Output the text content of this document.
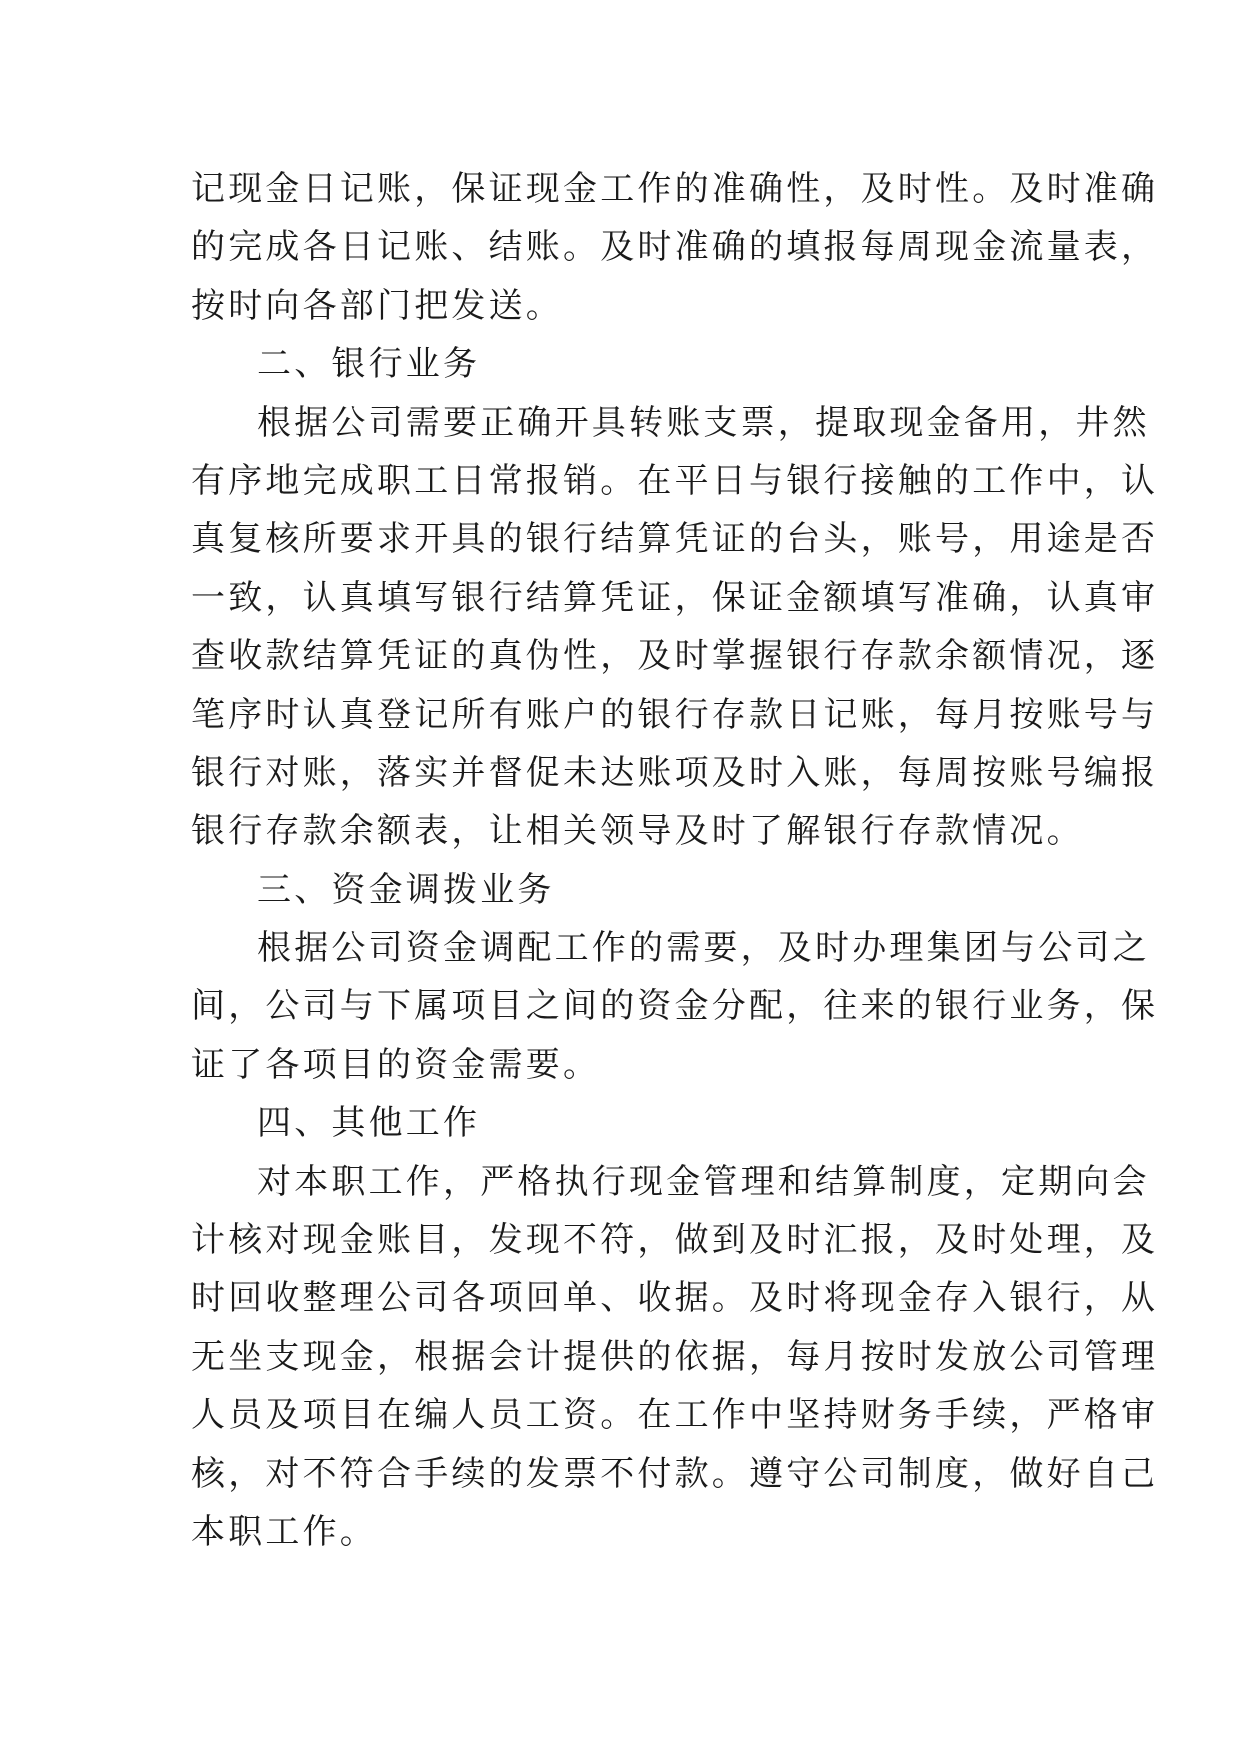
记现金日记账，保证现金工作的准确性，及时性。及时准确
的完成各日记账、结账。及时准确的填报每周现金流量表，
按时向各部门把发送。
二、银行业务
根据公司需要正确开具转账支票，提取现金备用，井然
有序地完成职工日常报销。在平日与银行接触的工作中，认
真复核所要求开具的银行结算凭证的台头，账号，用途是否
一致，认真填写银行结算凭证，保证金额填写准确，认真审
查收款结算凭证的真伪性，及时掌握银行存款余额情况，逐
笔序时认真登记所有账户的银行存款日记账，每月按账号与
银行对账，落实并督促未达账项及时入账，每周按账号编报
银行存款余额表，让相关领导及时了解银行存款情况。
三、资金调拨业务
根据公司资金调配工作的需要，及时办理集团与公司之
间，公司与下属项目之间的资金分配，往来的银行业务，保
证了各项目的资金需要。
四、其他工作
对本职工作，严格执行现金管理和结算制度，定期向会
计核对现金账目，发现不符，做到及时汇报，及时处理，及
时回收整理公司各项回单、收据。及时将现金存入银行，从
无坐支现金，根据会计提供的依据，每月按时发放公司管理
人员及项目在编人员工资。在工作中坚持财务手续，严格审
核，对不符合手续的发票不付款。遵守公司制度，做好自己
本职工作。
